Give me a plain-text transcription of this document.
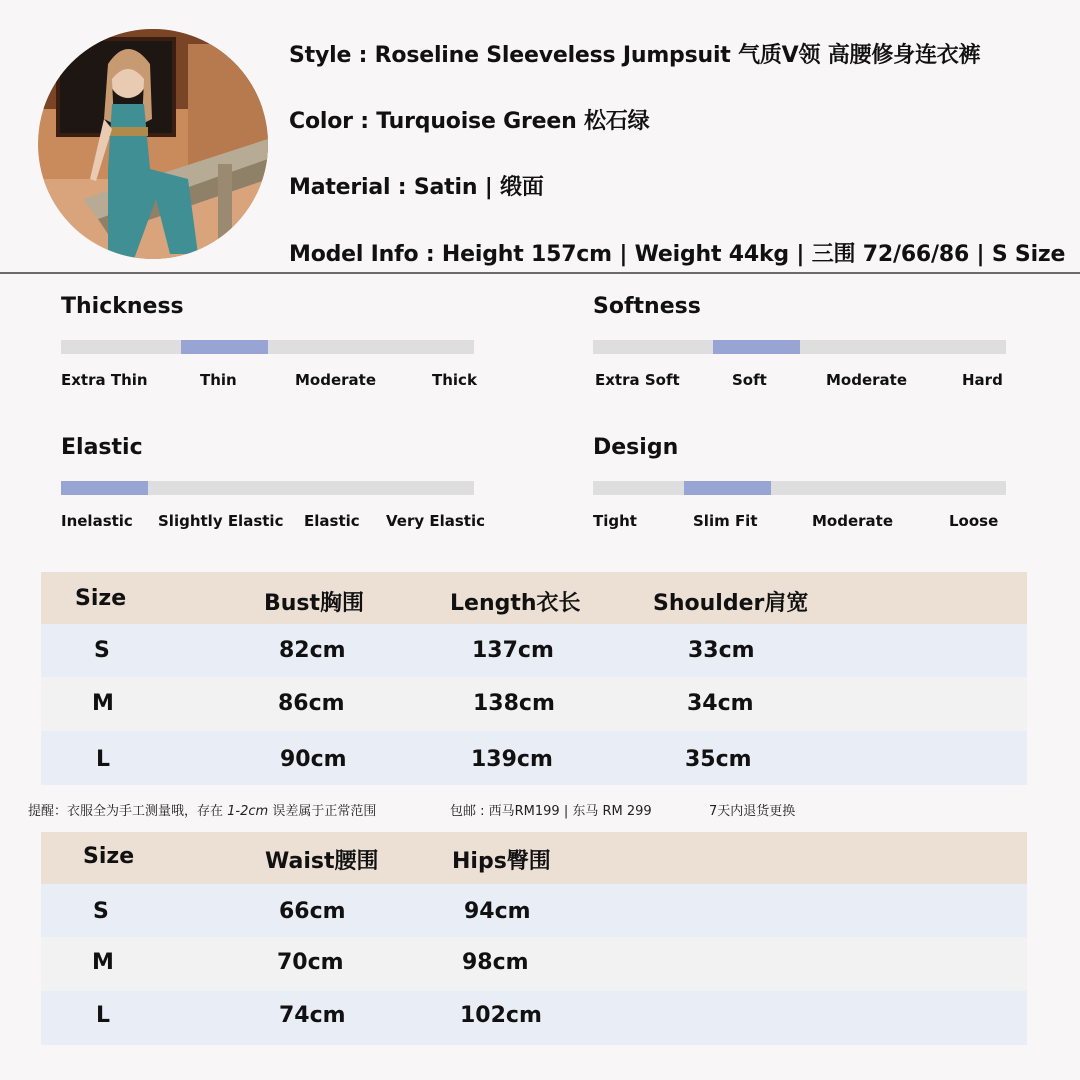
Style : Roseline Sleeveless Jumpsuit 气质V领 高腰修身连衣裤
Color : Turquoise Green 松石绿
Material : Satin | 缎面
Model Info : Height 157cm | Weight 44kg | 三围 72/66/86 | S Size
Thickness
Extra Thin	Thin	Moderate	Thick
Softness
Extra Soft	Soft	Moderate	Hard
Elastic
Inelastic Slightly Elastic Elastic Very Elastic
Design
Tight	Slim Fit	Moderate	Loose
Size	Bust胸围	Length衣长	Shoulder肩宽
S	82cm	137cm	33cm
M	86cm	138cm	34cm
L	90cm	139cm	35cm
提醒：衣服全为手工测量哦，存在 1-2cm 误差属于正常范围	包邮 : 西马RM199 | 东马 RM 299	7天内退货更换
Size	Waist腰围	Hips臀围
S	66cm	94cm
M	70cm	98cm
L	74cm	102cm
